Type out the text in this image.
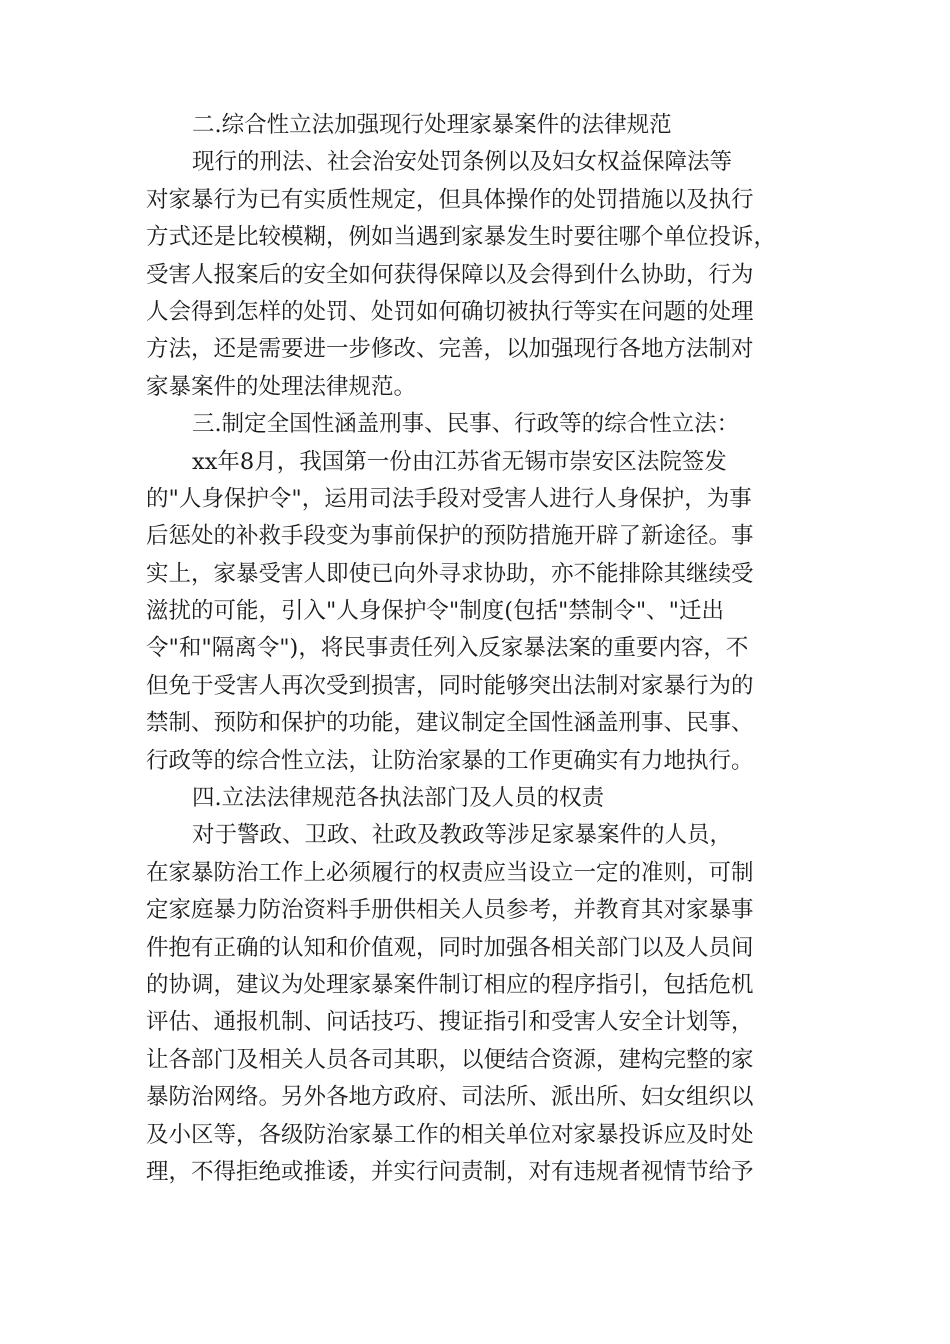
二.综合性立法加强现行处理家暴案件的法律规范
现行的刑法、社会治安处罚条例以及妇女权益保障法等
对家暴行为已有实质性规定，但具体操作的处罚措施以及执行
方式还是比较模糊，例如当遇到家暴发生时要往哪个单位投诉，
受害人报案后的安全如何获得保障以及会得到什么协助，行为
人会得到怎样的处罚、处罚如何确切被执行等实在问题的处理
方法，还是需要进一步修改、完善，以加强现行各地方法制对
家暴案件的处理法律规范。
三.制定全国性涵盖刑事、民事、行政等的综合性立法：
xx年8月，我国第一份由江苏省无锡市崇安区法院签发
的"人身保护令"，运用司法手段对受害人进行人身保护，为事
后惩处的补救手段变为事前保护的预防措施开辟了新途径。事
实上，家暴受害人即使已向外寻求协助，亦不能排除其继续受
滋扰的可能，引入"人身保护令"制度(包括"禁制令"、"迁出
令"和"隔离令")，将民事责任列入反家暴法案的重要内容，不
但免于受害人再次受到损害，同时能够突出法制对家暴行为的
禁制、预防和保护的功能，建议制定全国性涵盖刑事、民事、
行政等的综合性立法，让防治家暴的工作更确实有力地执行。
四.立法法律规范各执法部门及人员的权责
对于警政、卫政、社政及教政等涉足家暴案件的人员，
在家暴防治工作上必须履行的权责应当设立一定的准则，可制
定家庭暴力防治资料手册供相关人员参考，并教育其对家暴事
件抱有正确的认知和价值观，同时加强各相关部门以及人员间
的协调，建议为处理家暴案件制订相应的程序指引，包括危机
评估、通报机制、问话技巧、搜证指引和受害人安全计划等，
让各部门及相关人员各司其职，以便结合资源，建构完整的家
暴防治网络。另外各地方政府、司法所、派出所、妇女组织以
及小区等，各级防治家暴工作的相关单位对家暴投诉应及时处
理，不得拒绝或推诿，并实行问责制，对有违规者视情节给予
